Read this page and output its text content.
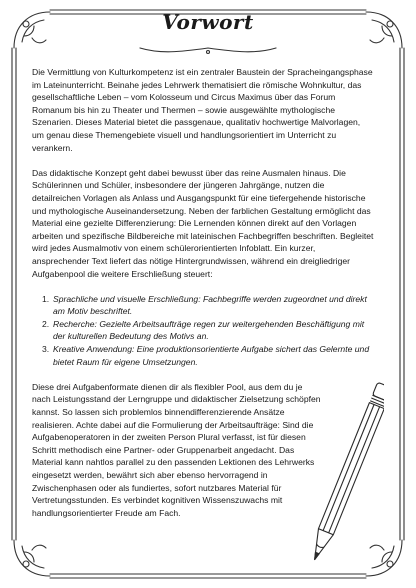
Vorwort

Die Vermittlung von Kulturkompetenz ist ein zentraler Baustein der Spracheingangsphase im Lateinunterricht. Beinahe jedes Lehrwerk thematisiert die römische Wohnkultur, das gesellschaftliche Leben – vom Kolosseum und Circus Maximus über das Forum Romanum bis hin zu Theater und Thermen – sowie ausgewählte mythologische Szenarien. Dieses Material bietet die passgenaue, qualitativ hochwertige Malvorlagen, um genau diese Themengebiete visuell und handlungsorientiert im Unterricht zu verankern.

Das didaktische Konzept geht dabei bewusst über das reine Ausmalen hinaus. Die Schülerinnen und Schüler, insbesondere der jüngeren Jahrgänge, nutzen die detailreichen Vorlagen als Anlass und Ausgangspunkt für eine tiefergehende historische und mythologische Auseinandersetzung. Neben der farblichen Gestaltung ermöglicht das Material eine gezielte Differenzierung: Die Lernenden können direkt auf den Vorlagen arbeiten und spezifische Bildbereiche mit lateinischen Fachbegriffen beschriften. Begleitet wird jedes Ausmalmotiv von einem schülerorientierten Infoblatt. Ein kurzer, ansprechender Text liefert das nötige Hintergrundwissen, während ein dreigliedriger Aufgabenpool die weitere Erschließung steuert:

1. Sprachliche und visuelle Erschließung: Fachbegriffe werden zugeordnet und direkt am Motiv beschriftet.
2. Recherche: Gezielte Arbeitsaufträge regen zur weitergehenden Beschäftigung mit der kulturellen Bedeutung des Motivs an.
3. Kreative Anwendung: Eine produktionsorientierte Aufgabe sichert das Gelernte und bietet Raum für eigene Umsetzungen.

Diese drei Aufgabenformate dienen dir als flexibler Pool, aus dem du je nach Leistungsstand der Lerngruppe und didaktischer Zielsetzung schöpfen kannst. So lassen sich problemlos binnendifferenzierende Ansätze realisieren. Achte dabei auf die Formulierung der Arbeitsaufträge: Sind die Aufgabenoperatoren in der zweiten Person Plural verfasst, ist für diesen Schritt methodisch eine Partner- oder Gruppenarbeit angedacht. Das Material kann nahtlos parallel zu den passenden Lektionen des Lehrwerks eingesetzt werden, bewährt sich aber ebenso hervorragend in Zwischenphasen oder als fundiertes, sofort nutzbares Material für Vertretungsstunden. Es verbindet kognitiven Wissenszuwachs mit handlungsorientierter Freude am Fach.
